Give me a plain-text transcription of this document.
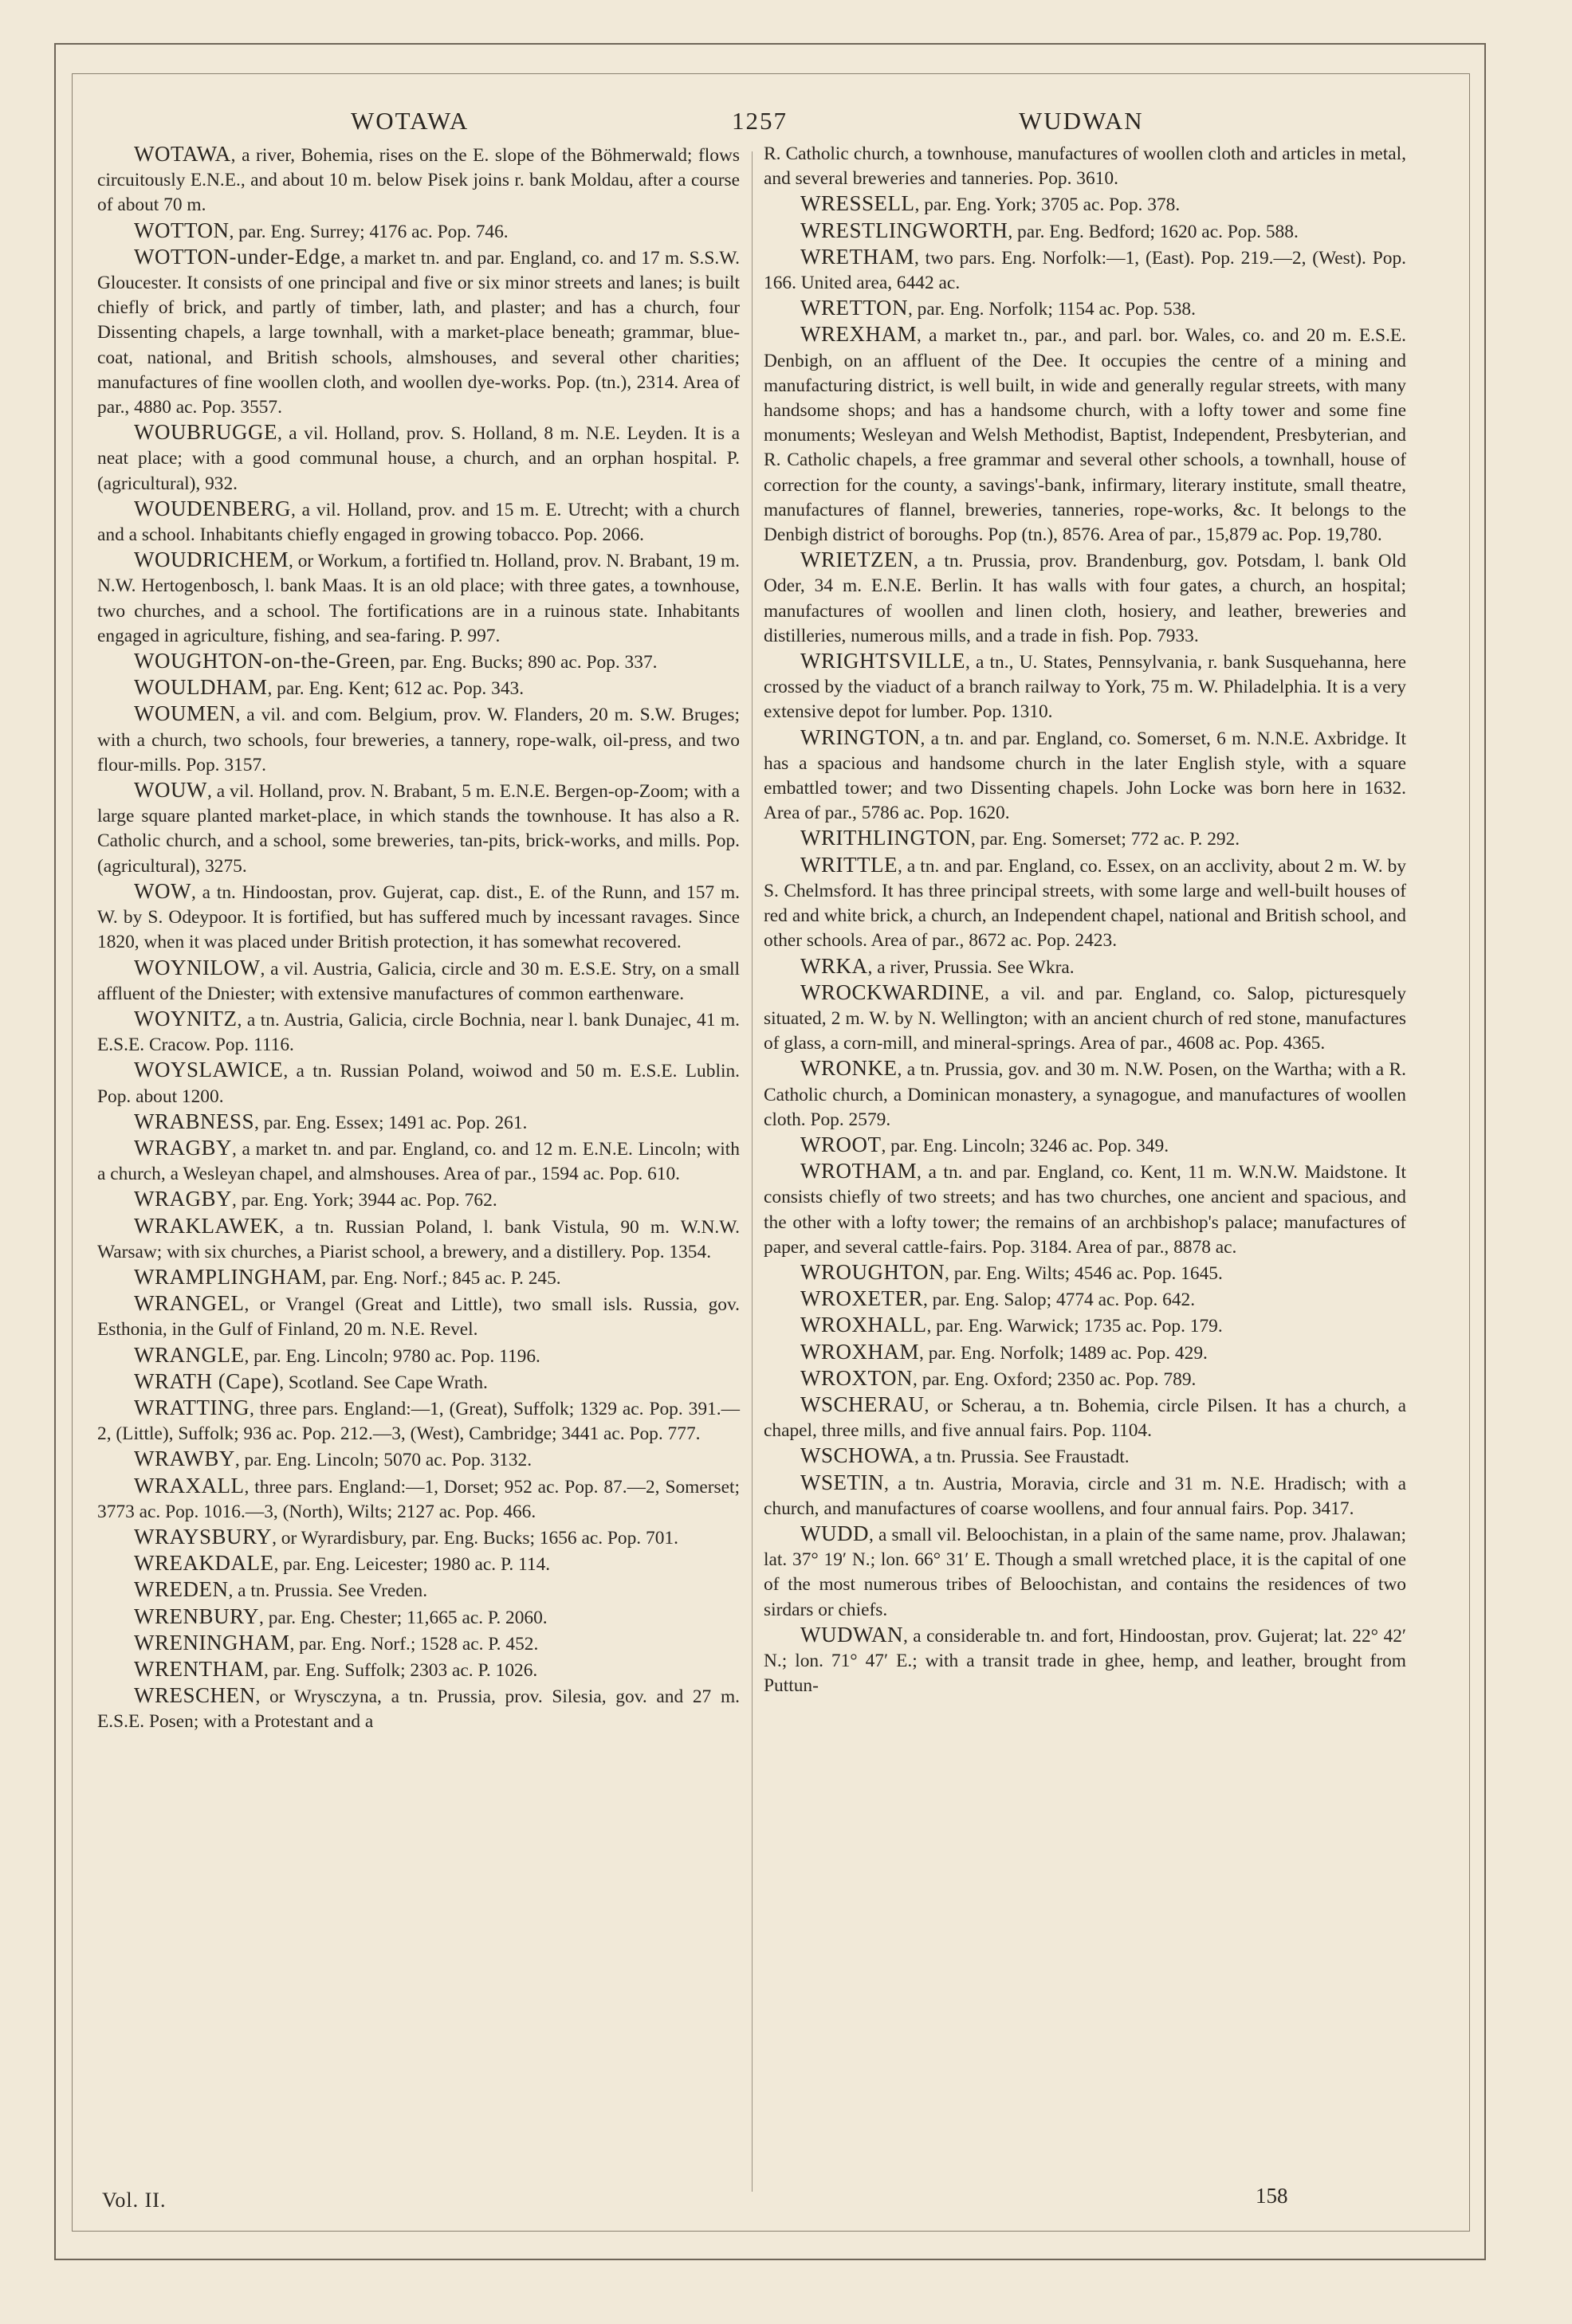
WOTAWA	1257	WUDWAN

WOTAWA, a river, Bohemia, rises on the E. slope of the Böhmerwald; flows circuitously E.N.E., and about 10 m. below Pisek joins r. bank Moldau, after a course of about 70 m.

WOTTON, par. Eng. Surrey; 4176 ac. Pop. 746.

WOTTON-under-Edge, a market tn. and par. England, co. and 17 m. S.S.W. Gloucester. It consists of one principal and five or six minor streets and lanes; is built chiefly of brick, and partly of timber, lath, and plaster; and has a church, four Dissenting chapels, a large townhall, with a market-place beneath; grammar, blue-coat, national, and British schools, almshouses, and several other charities; manufactures of fine woollen cloth, and woollen dye-works. Pop. (tn.), 2314. Area of par., 4880 ac. Pop. 3557.

WOUBRUGGE, a vil. Holland, prov. S. Holland, 8 m. N.E. Leyden. It is a neat place; with a good communal house, a church, and an orphan hospital. P. (agricultural), 932.

WOUDENBERG, a vil. Holland, prov. and 15 m. E. Utrecht; with a church and a school. Inhabitants chiefly engaged in growing tobacco. Pop. 2066.

WOUDRICHEM, or Workum, a fortified tn. Holland, prov. N. Brabant, 19 m. N.W. Hertogenbosch, l. bank Maas. It is an old place; with three gates, a townhouse, two churches, and a school. The fortifications are in a ruinous state. Inhabitants engaged in agriculture, fishing, and sea-faring. P. 997.

WOUGHTON-on-the-Green, par. Eng. Bucks; 890 ac. Pop. 337.

WOULDHAM, par. Eng. Kent; 612 ac. Pop. 343.

WOUMEN, a vil. and com. Belgium, prov. W. Flanders, 20 m. S.W. Bruges; with a church, two schools, four breweries, a tannery, rope-walk, oil-press, and two flour-mills. Pop. 3157.

WOUW, a vil. Holland, prov. N. Brabant, 5 m. E.N.E. Bergen-op-Zoom; with a large square planted market-place, in which stands the townhouse. It has also a R. Catholic church, and a school, some breweries, tan-pits, brick-works, and mills. Pop. (agricultural), 3275.

WOW, a tn. Hindoostan, prov. Gujerat, cap. dist., E. of the Runn, and 157 m. W. by S. Odeypoor. It is fortified, but has suffered much by incessant ravages. Since 1820, when it was placed under British protection, it has somewhat recovered.

WOYNILOW, a vil. Austria, Galicia, circle and 30 m. E.S.E. Stry, on a small affluent of the Dniester; with extensive manufactures of common earthenware.

WOYNITZ, a tn. Austria, Galicia, circle Bochnia, near l. bank Dunajec, 41 m. E.S.E. Cracow. Pop. 1116.

WOYSLAWICE, a tn. Russian Poland, woiwod and 50 m. E.S.E. Lublin. Pop. about 1200.

WRABNESS, par. Eng. Essex; 1491 ac. Pop. 261.

WRAGBY, a market tn. and par. England, co. and 12 m. E.N.E. Lincoln; with a church, a Wesleyan chapel, and almshouses. Area of par., 1594 ac. Pop. 610.

WRAGBY, par. Eng. York; 3944 ac. Pop. 762.

WRAKLAWEK, a tn. Russian Poland, l. bank Vistula, 90 m. W.N.W. Warsaw; with six churches, a Piarist school, a brewery, and a distillery. Pop. 1354.

WRAMPLINGHAM, par. Eng. Norf.; 845 ac. P. 245.

WRANGEL, or Vrangel (Great and Little), two small isls. Russia, gov. Esthonia, in the Gulf of Finland, 20 m. N.E. Revel.

WRANGLE, par. Eng. Lincoln; 9780 ac. Pop. 1196.

WRATH (Cape), Scotland. See Cape Wrath.

WRATTING, three pars. England:—1, (Great), Suffolk; 1329 ac. Pop. 391.—2, (Little), Suffolk; 936 ac. Pop. 212.—3, (West), Cambridge; 3441 ac. Pop. 777.

WRAWBY, par. Eng. Lincoln; 5070 ac. Pop. 3132.

WRAXALL, three pars. England:—1, Dorset; 952 ac. Pop. 87.—2, Somerset; 3773 ac. Pop. 1016.—3, (North), Wilts; 2127 ac. Pop. 466.

WRAYSBURY, or Wyrardisbury, par. Eng. Bucks; 1656 ac. Pop. 701.

WREAKDALE, par. Eng. Leicester; 1980 ac. P. 114.

WREDEN, a tn. Prussia. See Vreden.

WRENBURY, par. Eng. Chester; 11,665 ac. P. 2060.

WRENINGHAM, par. Eng. Norf.; 1528 ac. P. 452.

WRENTHAM, par. Eng. Suffolk; 2303 ac. P. 1026.

WRESCHEN, or Wrysczyna, a tn. Prussia, prov. Silesia, gov. and 27 m. E.S.E. Posen; with a Protestant and a

R. Catholic church, a townhouse, manufactures of woollen cloth and articles in metal, and several breweries and tanneries. Pop. 3610.

WRESSELL, par. Eng. York; 3705 ac. Pop. 378.

WRESTLINGWORTH, par. Eng. Bedford; 1620 ac. Pop. 588.

WRETHAM, two pars. Eng. Norfolk:—1, (East). Pop. 219.—2, (West). Pop. 166. United area, 6442 ac.

WRETTON, par. Eng. Norfolk; 1154 ac. Pop. 538.

WREXHAM, a market tn., par., and parl. bor. Wales, co. and 20 m. E.S.E. Denbigh, on an affluent of the Dee. It occupies the centre of a mining and manufacturing district, is well built, in wide and generally regular streets, with many handsome shops; and has a handsome church, with a lofty tower and some fine monuments; Wesleyan and Welsh Methodist, Baptist, Independent, Presbyterian, and R. Catholic chapels, a free grammar and several other schools, a townhall, house of correction for the county, a savings'-bank, infirmary, literary institute, small theatre, manufactures of flannel, breweries, tanneries, rope-works, &c. It belongs to the Denbigh district of boroughs. Pop (tn.), 8576. Area of par., 15,879 ac. Pop. 19,780.

WRIETZEN, a tn. Prussia, prov. Brandenburg, gov. Potsdam, l. bank Old Oder, 34 m. E.N.E. Berlin. It has walls with four gates, a church, an hospital; manufactures of woollen and linen cloth, hosiery, and leather, breweries and distilleries, numerous mills, and a trade in fish. Pop. 7933.

WRIGHTSVILLE, a tn., U. States, Pennsylvania, r. bank Susquehanna, here crossed by the viaduct of a branch railway to York, 75 m. W. Philadelphia. It is a very extensive depot for lumber. Pop. 1310.

WRINGTON, a tn. and par. England, co. Somerset, 6 m. N.N.E. Axbridge. It has a spacious and handsome church in the later English style, with a square embattled tower; and two Dissenting chapels. John Locke was born here in 1632. Area of par., 5786 ac. Pop. 1620.

WRITHLINGTON, par. Eng. Somerset; 772 ac. P. 292.

WRITTLE, a tn. and par. England, co. Essex, on an acclivity, about 2 m. W. by S. Chelmsford. It has three principal streets, with some large and well-built houses of red and white brick, a church, an Independent chapel, national and British school, and other schools. Area of par., 8672 ac. Pop. 2423.

WRKA, a river, Prussia. See Wkra.

WROCKWARDINE, a vil. and par. England, co. Salop, picturesquely situated, 2 m. W. by N. Wellington; with an ancient church of red stone, manufactures of glass, a corn-mill, and mineral-springs. Area of par., 4608 ac. Pop. 4365.

WRONKE, a tn. Prussia, gov. and 30 m. N.W. Posen, on the Wartha; with a R. Catholic church, a Dominican monastery, a synagogue, and manufactures of woollen cloth. Pop. 2579.

WROOT, par. Eng. Lincoln; 3246 ac. Pop. 349.

WROTHAM, a tn. and par. England, co. Kent, 11 m. W.N.W. Maidstone. It consists chiefly of two streets; and has two churches, one ancient and spacious, and the other with a lofty tower; the remains of an archbishop's palace; manufactures of paper, and several cattle-fairs. Pop. 3184. Area of par., 8878 ac.

WROUGHTON, par. Eng. Wilts; 4546 ac. Pop. 1645.

WROXETER, par. Eng. Salop; 4774 ac. Pop. 642.

WROXHALL, par. Eng. Warwick; 1735 ac. Pop. 179.

WROXHAM, par. Eng. Norfolk; 1489 ac. Pop. 429.

WROXTON, par. Eng. Oxford; 2350 ac. Pop. 789.

WSCHERAU, or Scherau, a tn. Bohemia, circle Pilsen. It has a church, a chapel, three mills, and five annual fairs. Pop. 1104.

WSCHOWA, a tn. Prussia. See Fraustadt.

WSETIN, a tn. Austria, Moravia, circle and 31 m. N.E. Hradisch; with a church, and manufactures of coarse woollens, and four annual fairs. Pop. 3417.

WUDD, a small vil. Beloochistan, in a plain of the same name, prov. Jhalawan; lat. 37° 19′ N.; lon. 66° 31′ E. Though a small wretched place, it is the capital of one of the most numerous tribes of Beloochistan, and contains the residences of two sirdars or chiefs.

WUDWAN, a considerable tn. and fort, Hindoostan, prov. Gujerat; lat. 22° 42′ N.; lon. 71° 47′ E.; with a transit trade in ghee, hemp, and leather, brought from Puttun-

Vol. II.	158
